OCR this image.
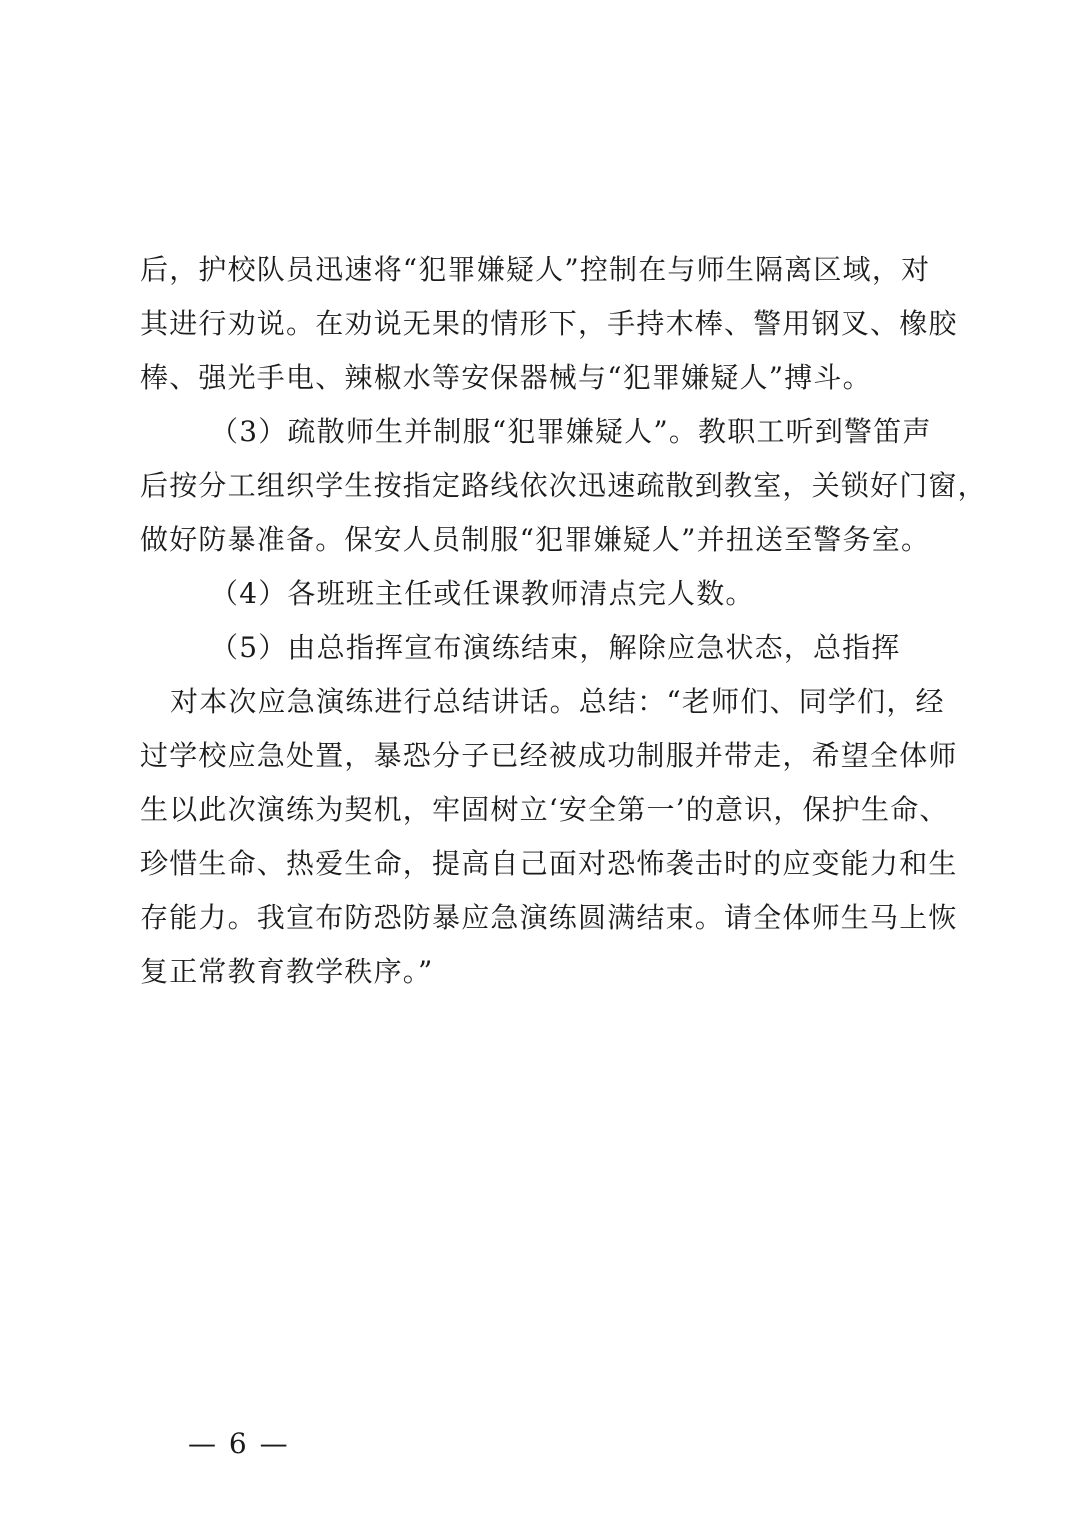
后，护校队员迅速将“犯罪嫌疑人”控制在与师生隔离区域，对
其进行劝说。在劝说无果的情形下，手持木棒、警用钢叉、橡胶
棒、强光手电、辣椒水等安保器械与“犯罪嫌疑人”搏斗。
（3）疏散师生并制服“犯罪嫌疑人”。教职工听到警笛声
后按分工组织学生按指定路线依次迅速疏散到教室，关锁好门窗，
做好防暴准备。保安人员制服“犯罪嫌疑人”并扭送至警务室。
（4）各班班主任或任课教师清点完人数。
（5）由总指挥宣布演练结束，解除应急状态，总指挥
对本次应急演练进行总结讲话。总结：“老师们、同学们，经
过学校应急处置，暴恐分子已经被成功制服并带走，希望全体师
生以此次演练为契机，牢固树立‘安全第一’的意识，保护生命、
珍惜生命、热爱生命，提高自己面对恐怖袭击时的应变能力和生
存能力。我宣布防恐防暴应急演练圆满结束。请全体师生马上恢
复正常教育教学秩序。”
— 6 —
